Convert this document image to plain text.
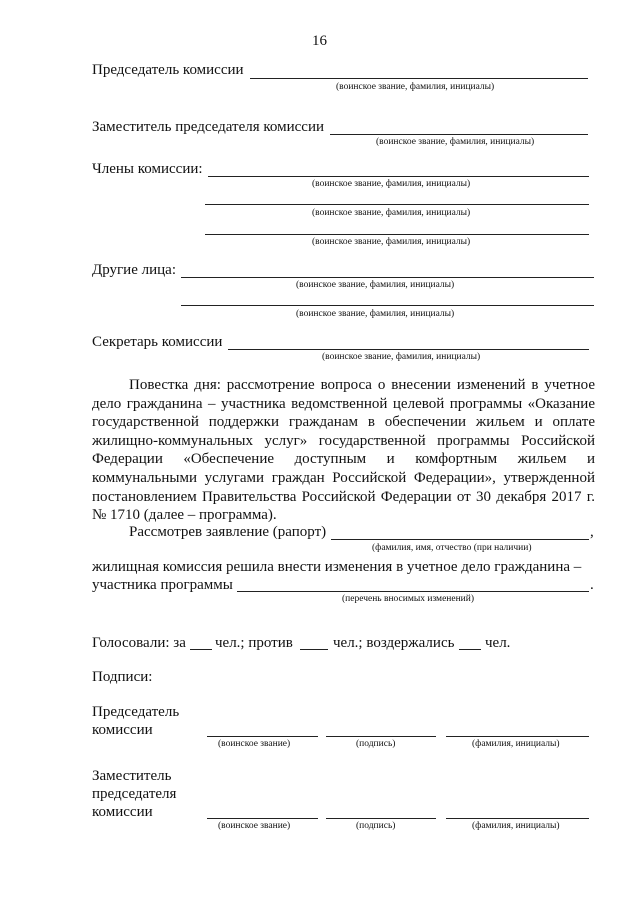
16
Председатель комиссии
(воинское звание, фамилия, инициалы)
Заместитель председателя комиссии
(воинское звание, фамилия, инициалы)
Члены комиссии:
(воинское звание, фамилия, инициалы)
(воинское звание, фамилия, инициалы)
(воинское звание, фамилия, инициалы)
Другие лица:
(воинское звание, фамилия, инициалы)
(воинское звание, фамилия, инициалы)
Секретарь комиссии
(воинское звание, фамилия, инициалы)
Повестка дня: рассмотрение вопроса о внесении изменений в учетное дело гражданина – участника ведомственной целевой программы «Оказание государственной поддержки гражданам в обеспечении жильем и оплате жилищно-коммунальных услуг» государственной программы Российской Федерации «Обеспечение доступным и комфортным жильем и коммунальными услугами граждан Российской Федерации», утвержденной постановлением Правительства Российской Федерации от 30 декабря 2017 г. № 1710 (далее – программа).
Рассмотрев заявление (рапорт)	,
(фамилия, имя, отчество (при наличии)
жилищная комиссия решила внести изменения в учетное дело гражданина –
участника программы	.
(перечень вносимых изменений)
Голосовали: за чел.; против	чел.; воздержались чел.
Подписи:
Председатель
комиссии
(воинское звание)	(подпись)	(фамилия, инициалы)
Заместитель
председателя
комиссии
(воинское звание)	(подпись)	(фамилия, инициалы)
